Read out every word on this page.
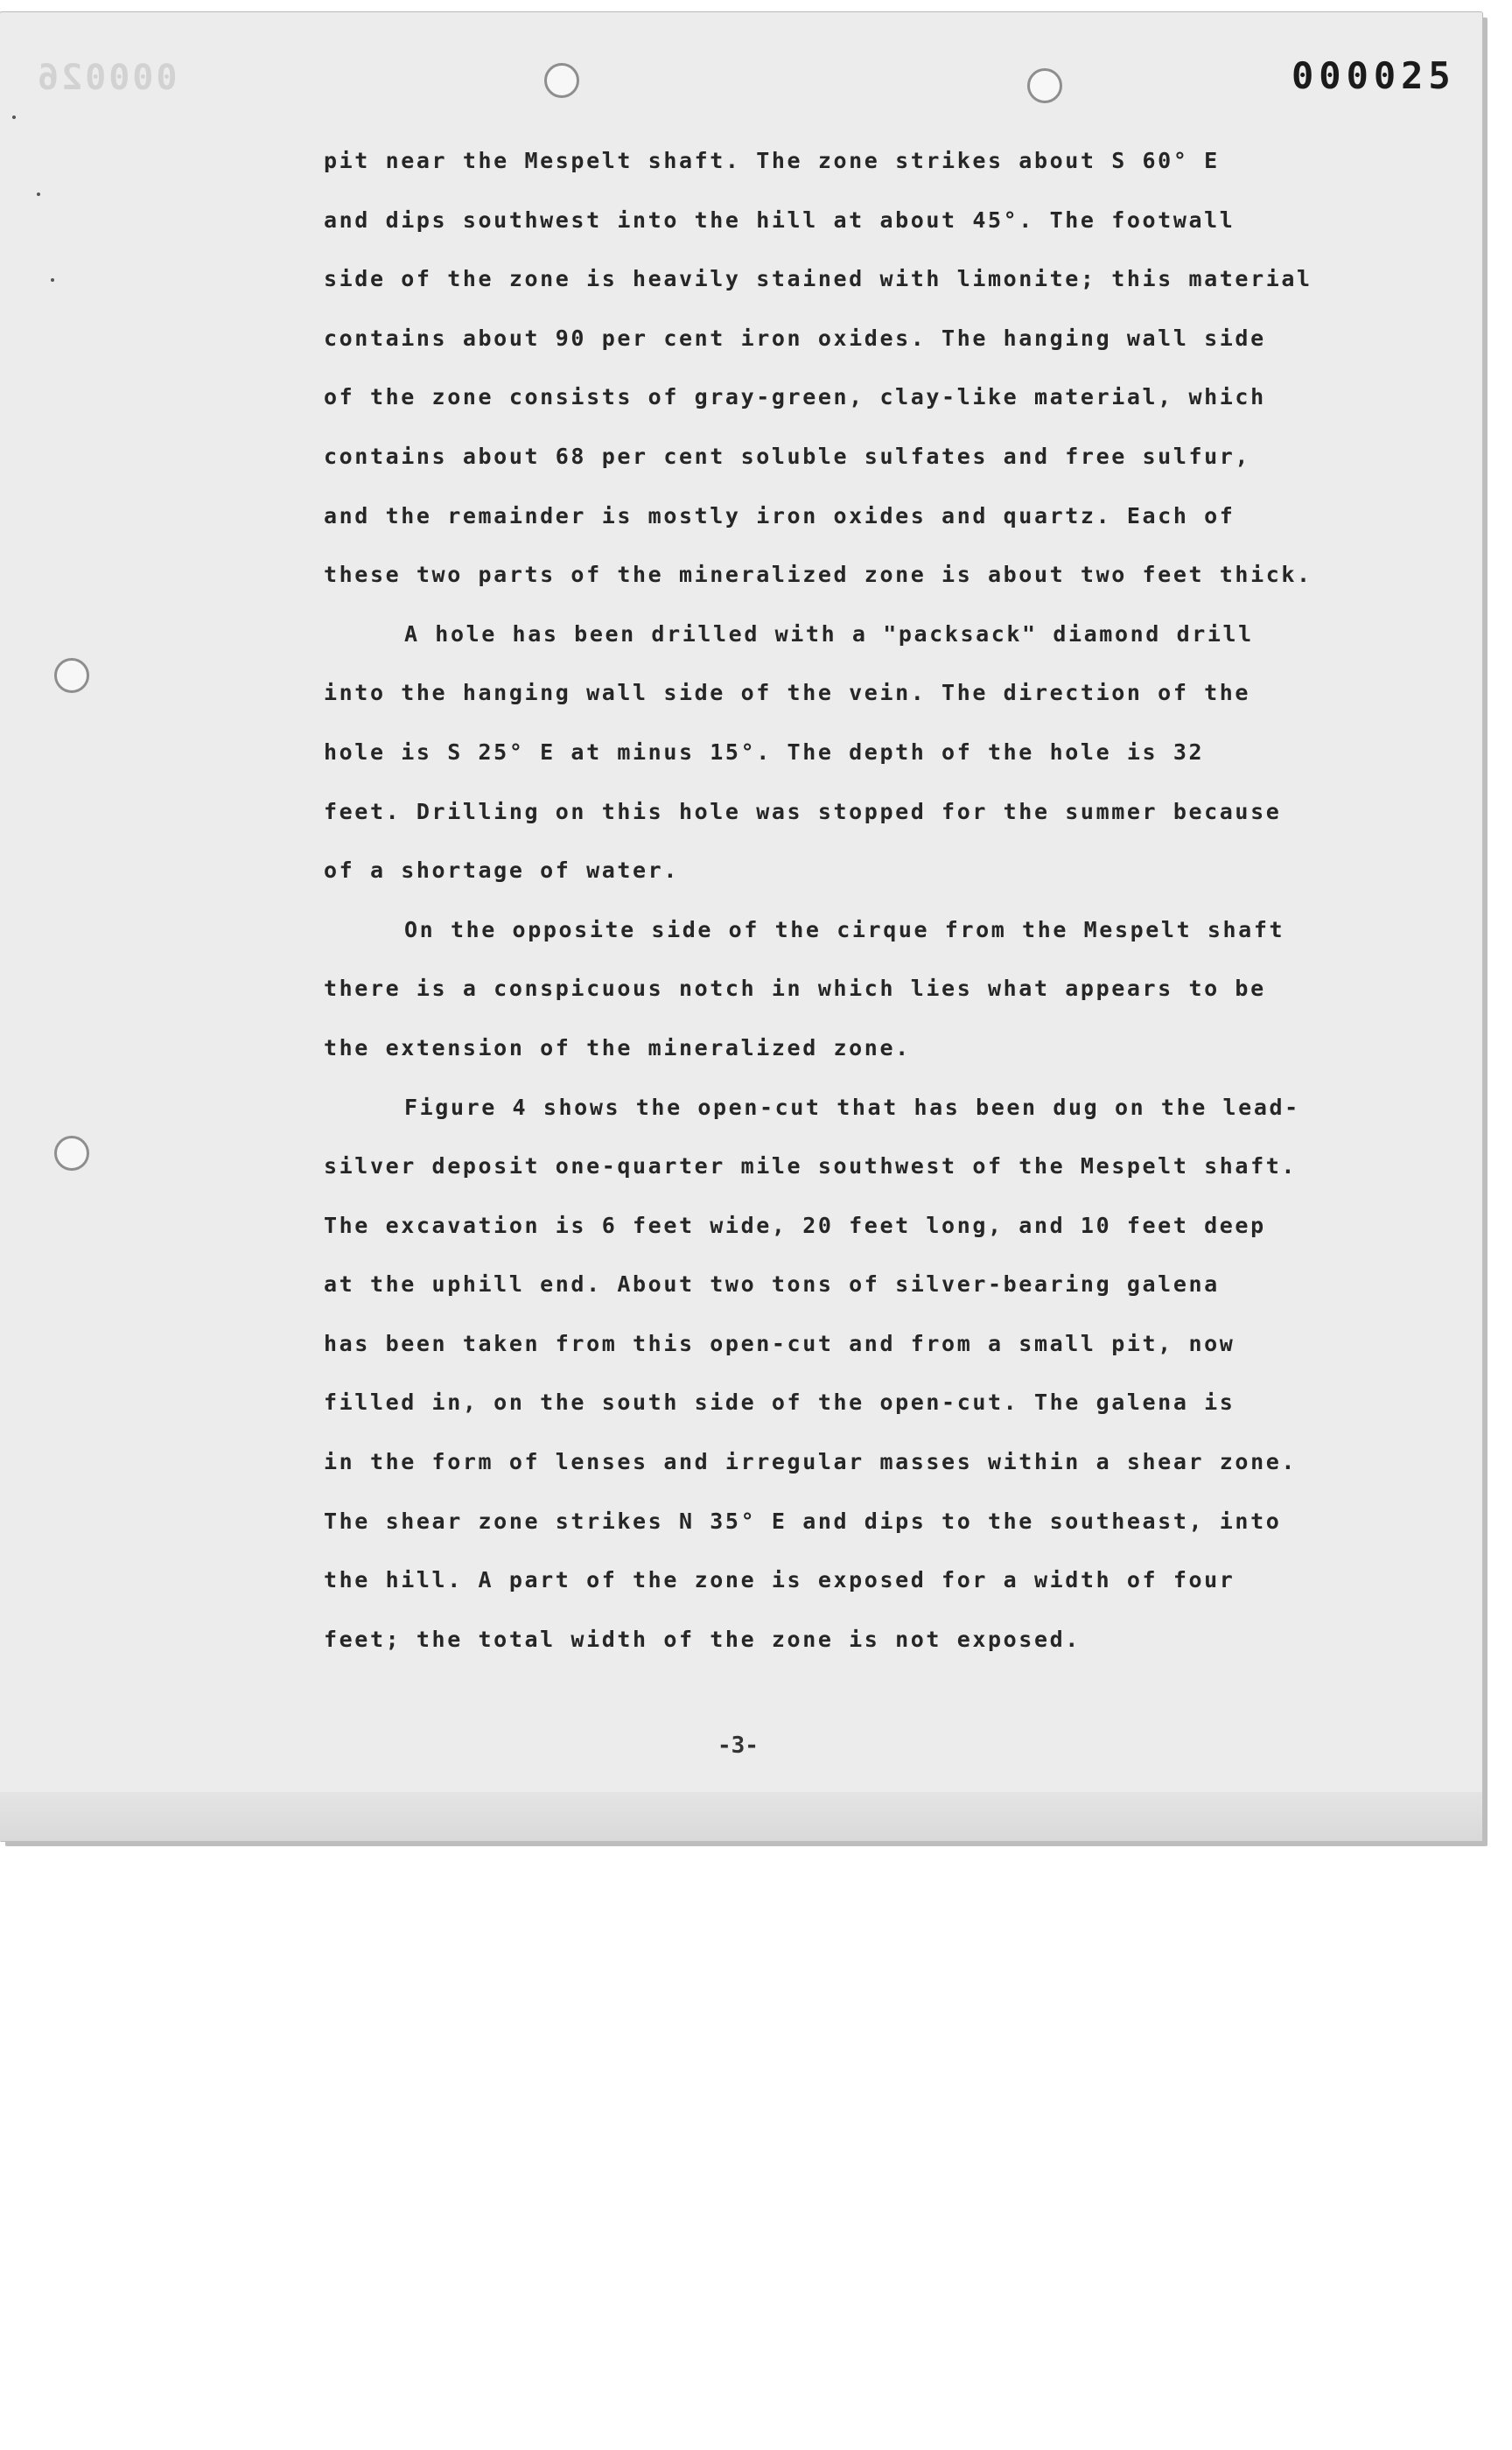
000026	000025
pit near the Mespelt shaft. The zone strikes about S 60° E
and dips southwest into the hill at about 45°. The footwall
side of the zone is heavily stained with limonite; this material
contains about 90 per cent iron oxides. The hanging wall side
of the zone consists of gray-green, clay-like material, which
contains about 68 per cent soluble sulfates and free sulfur,
and the remainder is mostly iron oxides and quartz. Each of
these two parts of the mineralized zone is about two feet thick.
A hole has been drilled with a "packsack" diamond drill
into the hanging wall side of the vein. The direction of the
hole is S 25° E at minus 15°. The depth of the hole is 32
feet. Drilling on this hole was stopped for the summer because
of a shortage of water.
On the opposite side of the cirque from the Mespelt shaft
there is a conspicuous notch in which lies what appears to be
the extension of the mineralized zone.
Figure 4 shows the open-cut that has been dug on the lead-
silver deposit one-quarter mile southwest of the Mespelt shaft.
The excavation is 6 feet wide, 20 feet long, and 10 feet deep
at the uphill end. About two tons of silver-bearing galena
has been taken from this open-cut and from a small pit, now
filled in, on the south side of the open-cut. The galena is
in the form of lenses and irregular masses within a shear zone.
The shear zone strikes N 35° E and dips to the southeast, into
the hill. A part of the zone is exposed for a width of four
feet; the total width of the zone is not exposed.
-3-
